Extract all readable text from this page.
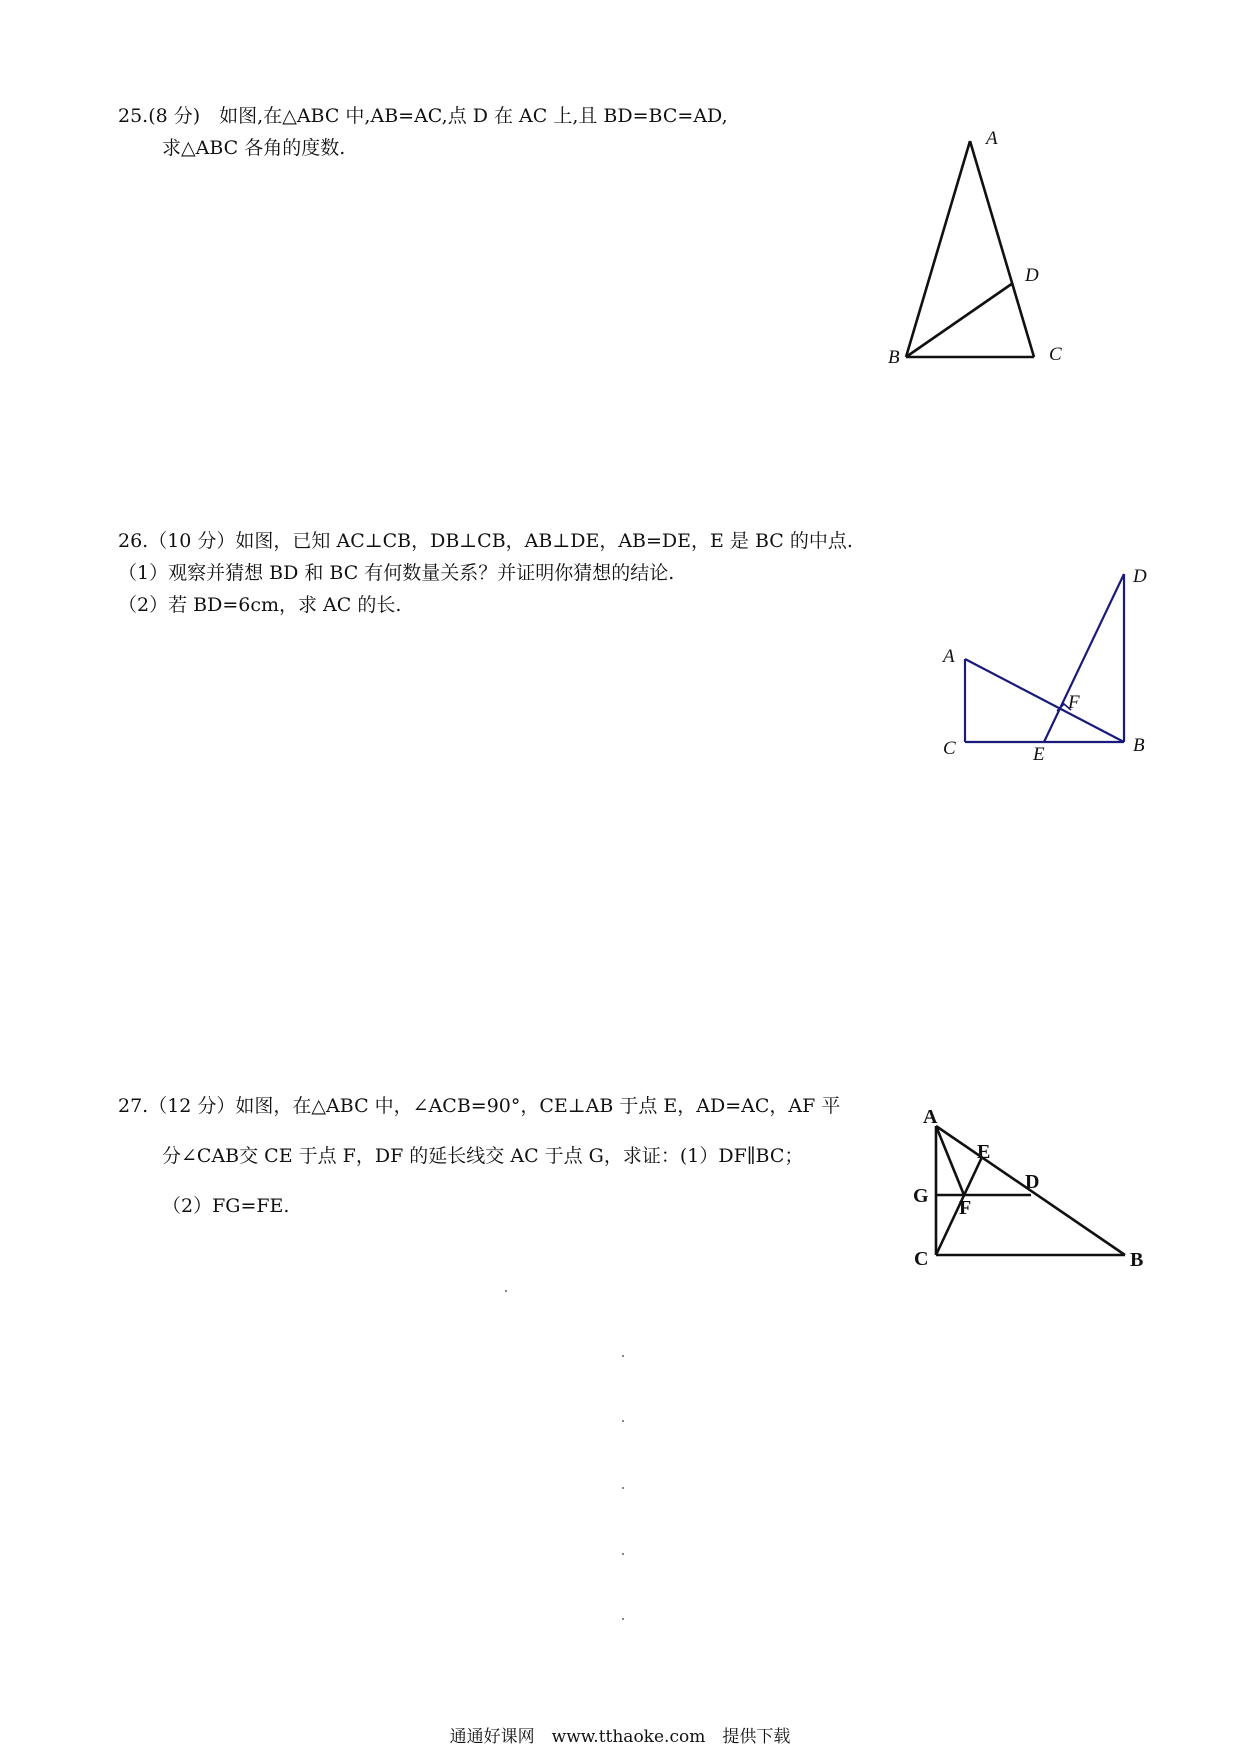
25.(8 分)　如图,在△ABC 中,AB=AC,点 D 在 AC 上,且 BD=BC=AD,

求△ABC 各角的度数.	A
D
B	C

26.（10 分）如图，已知 AC⊥CB，DB⊥CB，AB⊥DE，AB=DE，E 是 BC 的中点.

（1）观察并猜想 BD 和 BC 有何数量关系？并证明你猜想的结论.

（2）若 BD=6cm，求 AC 的长.

D
A
F
C	E	B

27.（12 分）如图，在△ABC 中，∠ACB=90°，CE⊥AB 于点 E，AD=AC，AF 平

分∠CAB交 CE 于点 F，DF 的延长线交 AC 于点 G，求证：(1）DF∥BC；

（2）FG=FE.

A
E
D
G
F
C	B
通通好课网　www.tthaoke.com　提供下载
